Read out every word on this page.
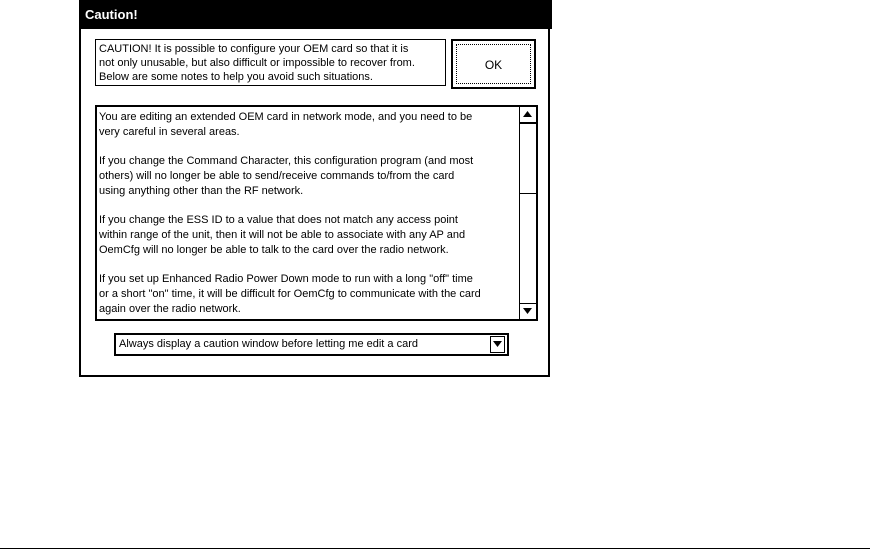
Caution!
CAUTION! It is possible to configure your OEM card so that it is
not only unusable, but also difficult or impossible to recover from.
Below are some notes to help you avoid such situations.
OK

You are editing an extended OEM card in network mode, and you need to be
very careful in several areas.

If you change the Command Character, this configuration program (and most
others) will no longer be able to send/receive commands to/from the card
using anything other than the RF network.

If you change the ESS ID to a value that does not match any access point
within range of the unit, then it will not be able to associate with any AP and
OemCfg will no longer be able to talk to the card over the radio network.

If you set up Enhanced Radio Power Down mode to run with a long "off" time
or a short "on" time, it will be difficult for OemCfg to communicate with the card
again over the radio network.

Always display a caution window before letting me edit a card
